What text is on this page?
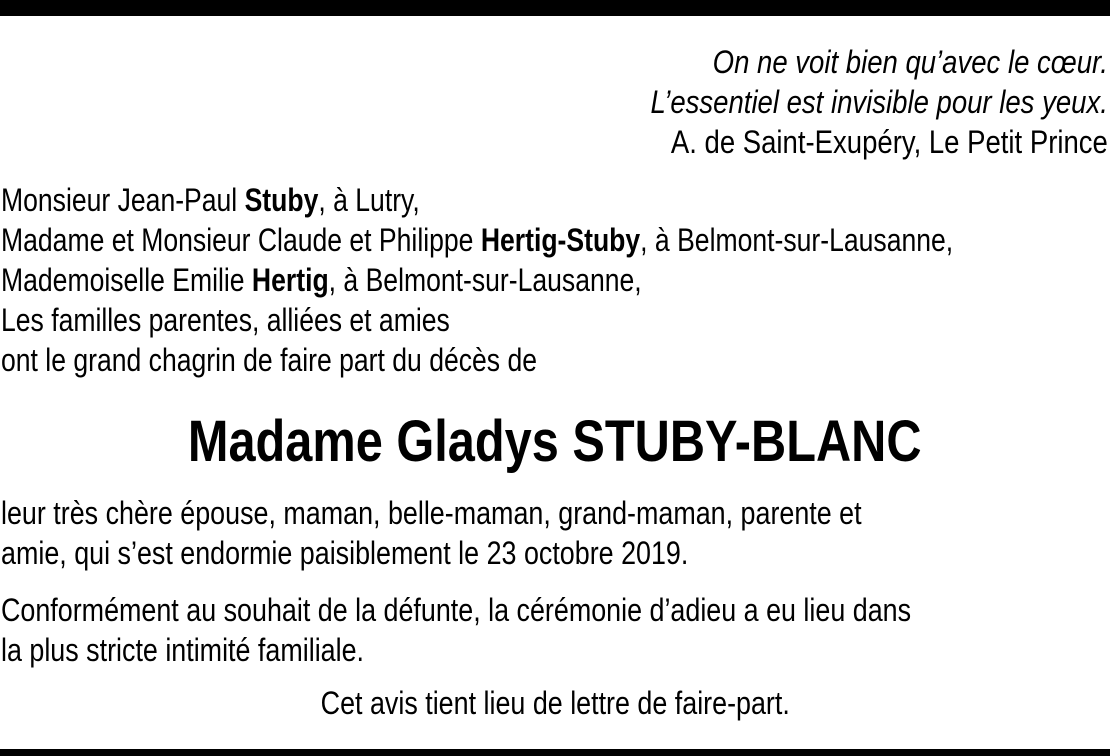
On ne voit bien qu’avec le cœur.
L’essentiel est invisible pour les yeux.
A. de Saint-Exupéry, Le Petit Prince
Monsieur Jean-Paul Stuby, à Lutry,
Madame et Monsieur Claude et Philippe Hertig-Stuby, à Belmont-sur-Lausanne,
Mademoiselle Emilie Hertig, à Belmont-sur-Lausanne,
Les familles parentes, alliées et amies
ont le grand chagrin de faire part du décès de
Madame Gladys STUBY-BLANC
leur très chère épouse, maman, belle-maman, grand-maman, parente et
amie, qui s’est endormie paisiblement le 23 octobre 2019.
Conformément au souhait de la défunte, la cérémonie d’adieu a eu lieu dans
la plus stricte intimité familiale.
Cet avis tient lieu de lettre de faire-part.
